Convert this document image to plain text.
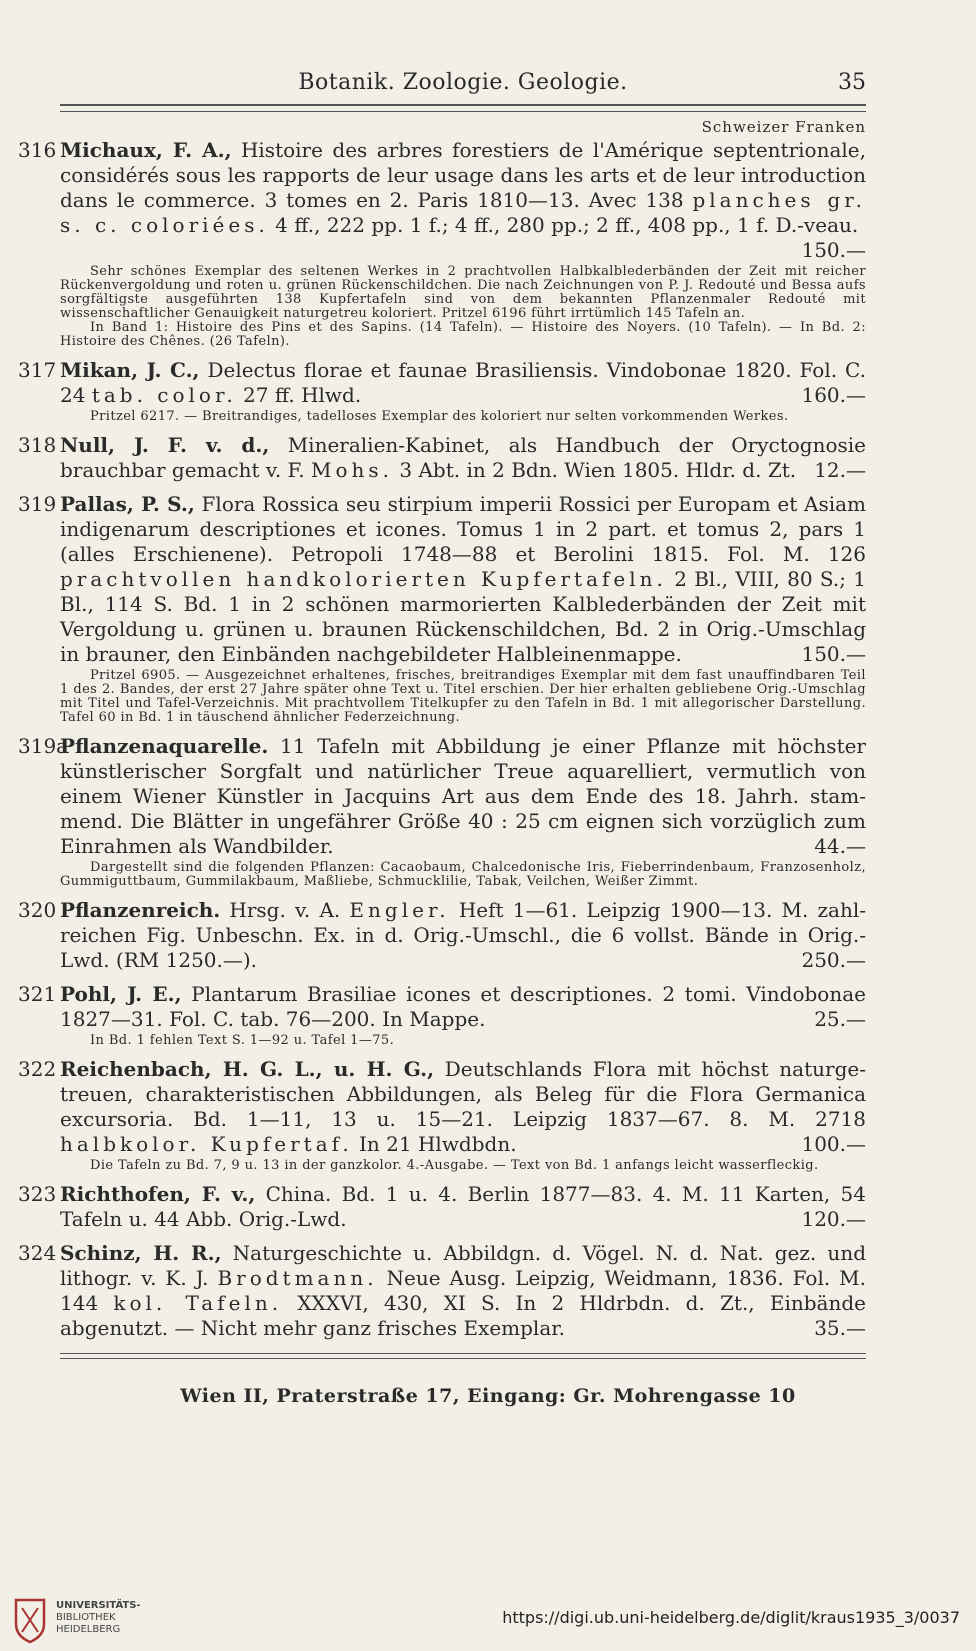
Botanik. Zoologie. Geologie.	35
Schweizer Franken
316 Michaux, F. A., Histoire des arbres forestiers de l'Amérique septentrionale, considérés sous les rapports de leur usage dans les arts et de leur introduction dans le commerce. 3 tomes en 2. Paris 1810—13. Avec 138 planches gr. s. c. coloriées. 4 ff., 222 pp. 1 f.; 4 ff., 280 pp.; 2 ff., 408 pp., 1 f. D.-veau.
150.—

Sehr schönes Exemplar des seltenen Werkes in 2 prachtvollen Halbkalblederbänden der Zeit mit reicher Rückenvergoldung und roten u. grünen Rückenschildchen. Die nach Zeichnungen von P. J. Redouté und Bessa aufs sorgfältigste ausgeführten 138 Kupfertafeln sind von dem bekannten Pflanzenmaler Redouté mit wissenschaftlicher Genauigkeit naturgetreu koloriert. Pritzel 6196 führt irrtümlich 145 Tafeln an.

In Band 1: Histoire des Pins et des Sapins. (14 Tafeln). — Histoire des Noyers. (10 Tafeln). — In Bd. 2: Histoire des Chênes. (26 Tafeln).

317 Mikan, J. C., Delectus florae et faunae Brasiliensis. Vindobonae 1820. Fol. C. 24 tab. color. 27 ff. Hlwd.	160.—

Pritzel 6217. — Breitrandiges, tadelloses Exemplar des koloriert nur selten vorkommenden Werkes.

318 Null, J. F. v. d., Mineralien-Kabinet, als Handbuch der Oryctognosie brauchbar gemacht v. F. Mohs. 3 Abt. in 2 Bdn. Wien 1805. Hldr. d. Zt. 12.—
319 Pallas, P. S., Flora Rossica seu stirpium imperii Rossici per Europam et Asiam indigenarum descriptiones et icones. Tomus 1 in 2 part. et tomus 2, pars 1 (alles Erschienene). Petropoli 1748—88 et Berolini 1815. Fol. M. 126 prachtvollen handkolorierten Kupfertafeln. 2 Bl., VIII, 80 S.; 1 Bl., 114 S. Bd. 1 in 2 schönen marmorierten Kalblederbänden der Zeit mit Vergoldung u. grünen u. braunen Rückenschildchen, Bd. 2 in Orig.-Umschlag in brauner, den Einbänden nachgebildeter Halbleinenmappe.	150.—

Pritzel 6905. — Ausgezeichnet erhaltenes, frisches, breitrandiges Exemplar mit dem fast unauffindbaren Teil 1 des 2. Bandes, der erst 27 Jahre später ohne Text u. Titel erschien. Der hier erhalten gebliebene Orig.-Umschlag mit Titel und Tafel-Verzeichnis. Mit prachtvollem Titelkupfer zu den Tafeln in Bd. 1 mit allegorischer Darstellung. Tafel 60 in Bd. 1 in täuschend ähnlicher Federzeichnung.

319a
Pflanzenaquarelle. 11 Tafeln mit Abbildung je einer Pflanze mit höchster künstlerischer Sorgfalt und natürlicher Treue aquarelliert, vermutlich von einem Wiener Künstler in Jacquins Art aus dem Ende des 18. Jahrh. stammend. Die Blätter in ungefährer Größe 40 : 25 cm eignen sich vorzüglich zum Einrahmen als Wandbilder.	44.—

Dargestellt sind die folgenden Pflanzen: Cacaobaum, Chalcedonische Iris, Fieberrindenbaum, Franzosenholz, Gummiguttbaum, Gummilakbaum, Maßliebe, Schmucklilie, Tabak, Veilchen, Weißer Zimmt.

320 Pflanzenreich. Hrsg. v. A. Engler. Heft 1—61. Leipzig 1900—13. M. zahlreichen Fig. Unbeschn. Ex. in d. Orig.-Umschl., die 6 vollst. Bände in Orig.-Lwd. (RM 1250.—).	250.—
321 Pohl, J. E., Plantarum Brasiliae icones et descriptiones. 2 tomi. Vindobonae 1827—31. Fol. C. tab. 76—200. In Mappe.	25.—

In Bd. 1 fehlen Text S. 1—92 u. Tafel 1—75.

322 Reichenbach, H. G. L., u. H. G., Deutschlands Flora mit höchst naturgetreuen, charakteristischen Abbildungen, als Beleg für die Flora Germanica excursoria. Bd. 1—11, 13 u. 15—21. Leipzig 1837—67. 8. M. 2718 halbkolor. Kupfertaf. In 21 Hlwdbdn.	100.—

Die Tafeln zu Bd. 7, 9 u. 13 in der ganzkolor. 4.-Ausgabe. — Text von Bd. 1 anfangs leicht wasserfleckig.

323 Richthofen, F. v., China. Bd. 1 u. 4. Berlin 1877—83. 4. M. 11 Karten, 54 Tafeln u. 44 Abb. Orig.-Lwd.	120.—
324 Schinz, H. R., Naturgeschichte u. Abbildgn. d. Vögel. N. d. Nat. gez. und lithogr. v. K. J. Brodtmann. Neue Ausg. Leipzig, Weidmann, 1836. Fol. M. 144 kol. Tafeln. XXXVI, 430, XI S. In 2 Hldrbdn. d. Zt., Einbände abgenutzt. — Nicht mehr ganz frisches Exemplar.	35.—
Wien II, Praterstraße 17, Eingang: Gr. Mohrengasse 10
UNIVERSITÄTS-
BIBLIOTHEK
HEIDELBERG
https://digi.ub.uni-heidelberg.de/diglit/kraus1935_3/0037
